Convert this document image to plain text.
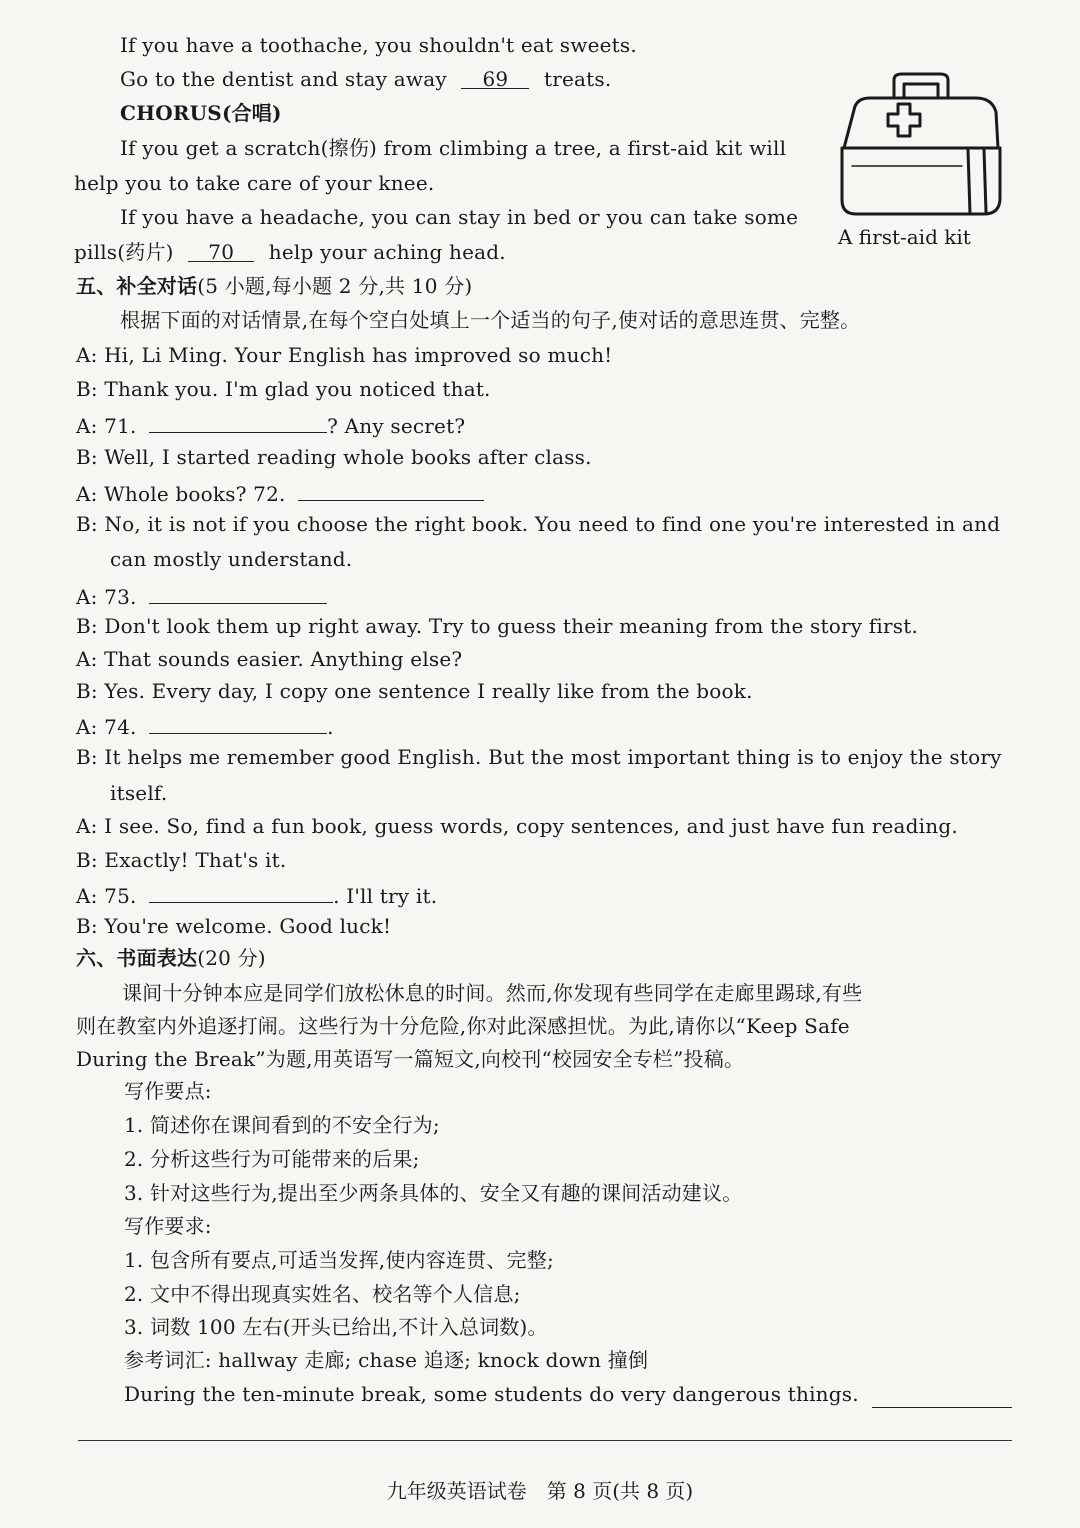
If you have a toothache, you shouldn't eat sweets.
Go to the dentist and stay away 69 treats.
CHORUS(合唱)
If you get a scratch(擦伤) from climbing a tree, a first-aid kit will
help you to take care of your knee.
If you have a headache, you can stay in bed or you can take some
pills(药片) 70 help your aching head.
A first-aid kit
五、补全对话(5 小题,每小题 2 分,共 10 分)
根据下面的对话情景,在每个空白处填上一个适当的句子,使对话的意思连贯、完整。
A: Hi, Li Ming. Your English has improved so much!
B: Thank you. I'm glad you noticed that.
A: 71.	? Any secret?
B: Well, I started reading whole books after class.
A: Whole books? 72.
B: No, it is not if you choose the right book. You need to find one you're interested in and
can mostly understand.
A: 73.
B: Don't look them up right away. Try to guess their meaning from the story first.
A: That sounds easier. Anything else?
B: Yes. Every day, I copy one sentence I really like from the book.
A: 74.	.
B: It helps me remember good English. But the most important thing is to enjoy the story
itself.
A: I see. So, find a fun book, guess words, copy sentences, and just have fun reading.
B: Exactly! That's it.
A: 75.	. I'll try it.
B: You're welcome. Good luck!
六、书面表达(20 分)
课间十分钟本应是同学们放松休息的时间。然而,你发现有些同学在走廊里踢球,有些
则在教室内外追逐打闹。这些行为十分危险,你对此深感担忧。为此,请你以“Keep Safe
During the Break”为题,用英语写一篇短文,向校刊“校园安全专栏”投稿。
写作要点:
1. 简述你在课间看到的不安全行为;
2. 分析这些行为可能带来的后果;
3. 针对这些行为,提出至少两条具体的、安全又有趣的课间活动建议。
写作要求:
1. 包含所有要点,可适当发挥,使内容连贯、完整;
2. 文中不得出现真实姓名、校名等个人信息;
3. 词数 100 左右(开头已给出,不计入总词数)。
参考词汇: hallway 走廊; chase 追逐; knock down 撞倒
During the ten-minute break, some students do very dangerous things.
九年级英语试卷　第 8 页(共 8 页)
